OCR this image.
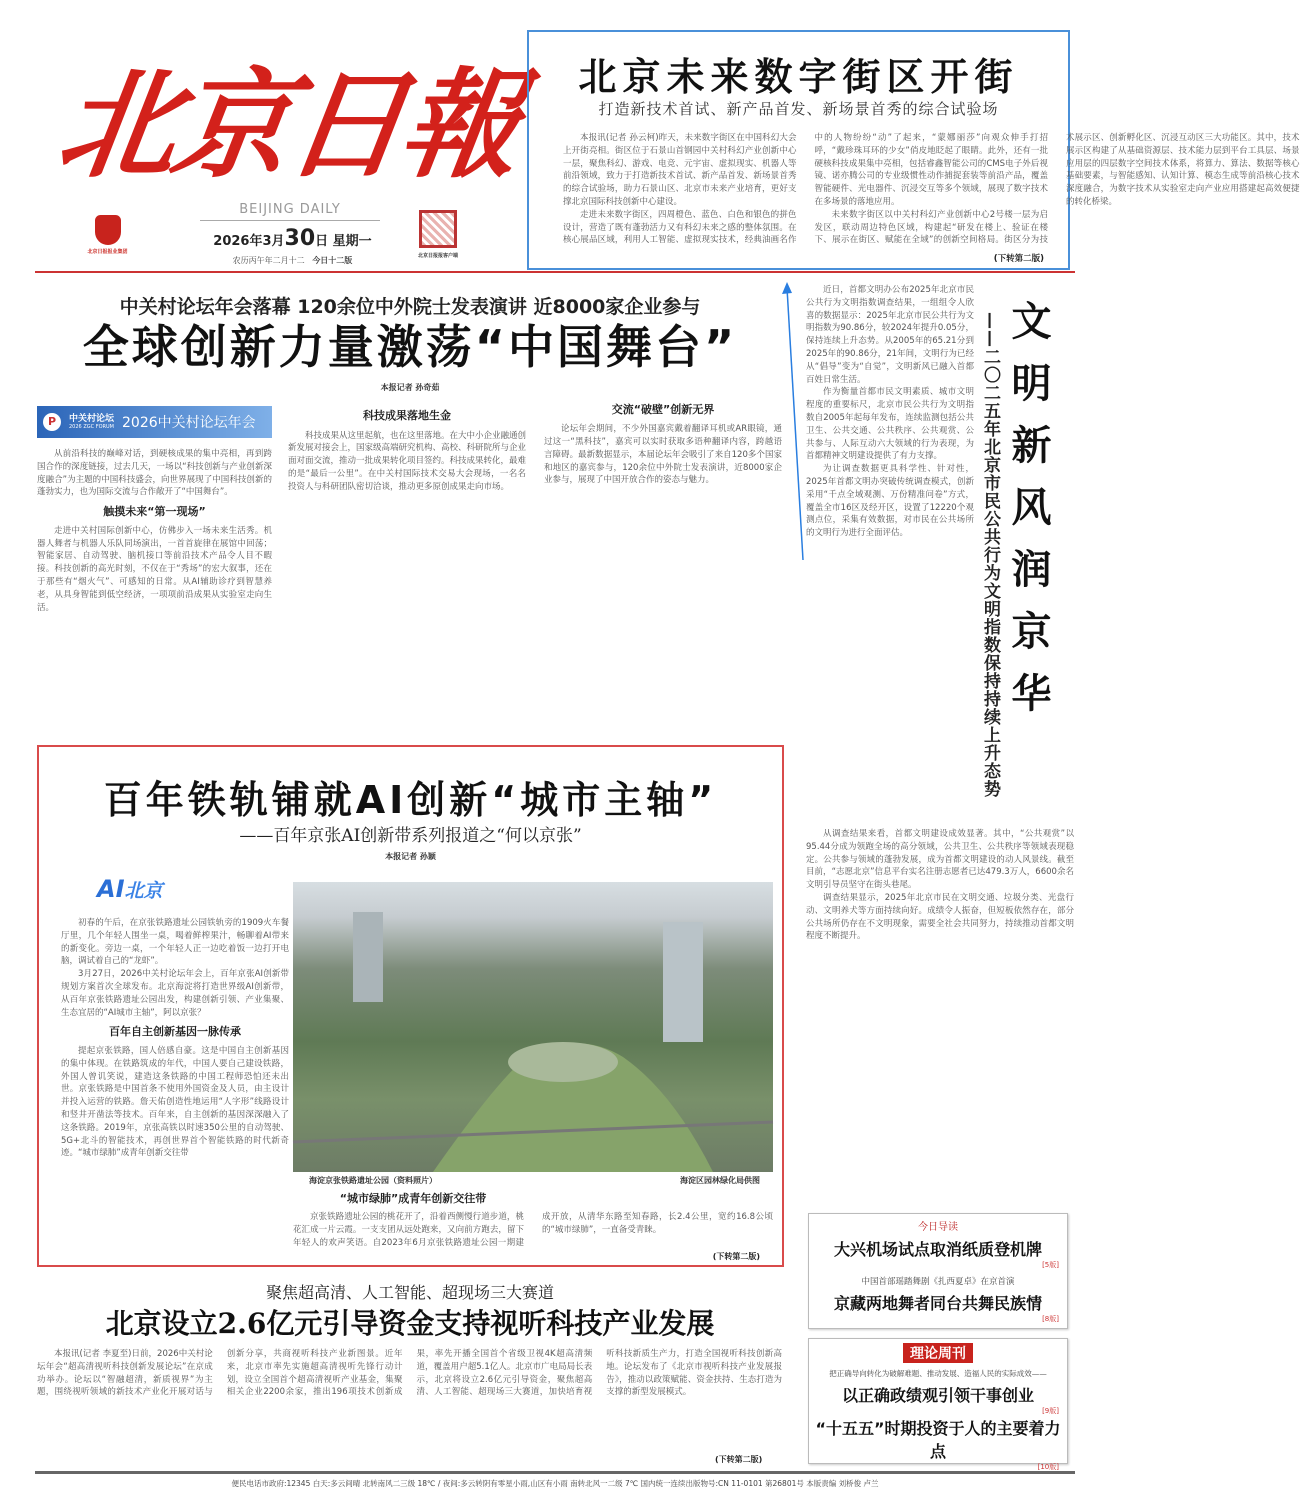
北京日報
BEIJING DAILY
2026年3月30日 星期一
农历丙午年二月十二 今日十二版
北京日报报业集团
北京日报报客户端
北京未来数字街区开街
打造新技术首试、新产品首发、新场景首秀的综合试验场

本报讯(记者 孙云柯)昨天，未来数字街区在中国科幻大会上开街亮相。街区位于石景山首钢园中关村科幻产业创新中心一层，聚焦科幻、游戏、电竞、元宇宙、虚拟现实、机器人等前沿领域，致力于打造新技术首试、新产品首发、新场景首秀的综合试验场，助力石景山区、北京市未来产业培育，更好支撑北京国际科技创新中心建设。

走进未来数字街区，四周橙色、蓝色、白色和银色的拼色设计，营造了既有蓬勃活力又有科幻未来之感的整体氛围。在核心展品区域，利用人工智能、虚拟现实技术，经典油画名作中的人物纷纷“动”了起来，“蒙娜丽莎”向观众伸手打招呼，“戴珍珠耳环的少女”俏皮地眨起了眼睛。此外，还有一批硬核科技成果集中亮相，包括睿鑫智能公司的CMS电子外后视镜、诺亦腾公司的专业级惯性动作捕捉套装等前沿产品，覆盖智能硬件、光电器件、沉浸交互等多个领域，展现了数字技术在多场景的落地应用。

未来数字街区以中关村科幻产业创新中心2号楼一层为启发区，联动周边特色区域，构建起“研发在楼上、验证在楼下、展示在街区、赋能在全域”的创新空间格局。街区分为技术展示区、创新孵化区、沉浸互动区三大功能区。其中，技术展示区构建了从基础资源层、技术能力层到平台工具层、场景应用层的四层数字空间技术体系，将算力、算法、数据等核心基础要素，与智能感知、认知计算、模态生成等前沿核心技术深度融合，为数字技术从实验室走向产业应用搭建起高效便捷的转化桥梁。

(下转第二版)
中关村论坛年会落幕 120余位中外院士发表演讲 近8000家企业参与
全球创新力量激荡“中国舞台”
本报记者 孙奇茹
P	中关村论坛
2026 ZGC FORUM 2026中关村论坛年会

从前沿科技的巅峰对话，到硬核成果的集中亮相，再到跨国合作的深度链接，过去几天，一场以“科技创新与产业创新深度融合”为主题的中国科技盛会，向世界展现了中国科技创新的蓬勃实力，也为国际交流与合作敞开了“中国舞台”。

触摸未来“第一现场”

走进中关村国际创新中心，仿佛步入一场未来生活秀。机器人舞者与机器人乐队同场演出，一首首旋律在展馆中回荡；智能家居、自动驾驶、脑机接口等前沿技术产品令人目不暇接。科技创新的高光时刻，不仅在于“秀场”的宏大叙事，还在于那些有“烟火气”、可感知的日常。从AI辅助诊疗到智慧养老，从具身智能到低空经济，一项项前沿成果从实验室走向生活。

科技成果落地生金

科技成果从这里起航，也在这里落地。在大中小企业融通创新发展对接会上，国家级高端研究机构、高校、科研院所与企业面对面交流，推动一批成果转化项目签约。科技成果转化，最难的是“最后一公里”。在中关村国际技术交易大会现场，一名名投资人与科研团队密切洽谈，推动更多原创成果走向市场。

交流“破壁”创新无界

论坛年会期间，不少外国嘉宾戴着翻译耳机或AR眼镜，通过这一“黑科技”，嘉宾可以实时获取多语种翻译内容，跨越语言障碍。最新数据显示，本届论坛年会吸引了来自120多个国家和地区的嘉宾参与，120余位中外院士发表演讲，近8000家企业参与，展现了中国开放合作的姿态与魅力。	文明新风润京华
——二〇二五年北京市民公共行为文明指数保持持续上升态势

近日，首都文明办公布2025年北京市民公共行为文明指数调查结果，一组组令人欣喜的数据显示：2025年北京市民公共行为文明指数为90.86分，较2024年提升0.05分，保持连续上升态势。从2005年的65.21分到2025年的90.86分，21年间，文明行为已经从“倡导”变为“自觉”，文明新风已融入首都百姓日常生活。

作为衡量首都市民文明素质、城市文明程度的重要标尺，北京市民公共行为文明指数自2005年起每年发布，连续监测包括公共卫生、公共交通、公共秩序、公共观赏、公共参与、人际互动六大领域的行为表现，为首都精神文明建设提供了有力支撑。

为让调查数据更具科学性、针对性，2025年首都文明办突破传统调查模式，创新采用“千点全域观测、万份精准问卷”方式，覆盖全市16区及经开区，设置了12220个观测点位，采集有效数据，对市民在公共场所的文明行为进行全面评估。

从调查结果来看，首都文明建设成效显著。其中，“公共观赏”以95.44分成为领跑全场的高分领域，公共卫生、公共秩序等领域表现稳定。公共参与领域的蓬勃发展，成为首都文明建设的动人风景线。截至目前，“志愿北京”信息平台实名注册志愿者已达479.3万人，6600余名文明引导员坚守在街头巷尾。

调查结果显示，2025年北京市民在文明交通、垃圾分类、光盘行动、文明养犬等方面持续向好。成绩令人振奋，但短板依然存在，部分公共场所仍存在不文明现象，需要全社会共同努力，持续推动首都文明程度不断提升。

百年铁轨铺就AI创新“城市主轴”
——百年京张AI创新带系列报道之“何以京张”
本报记者 孙颖
AI北京

初春的午后，在京张铁路遗址公园铁轨旁的1909火车餐厅里，几个年轻人围坐一桌，喝着鲜榨果汁，畅聊着AI带来的新变化。旁边一桌，一个年轻人正一边吃着饭一边打开电脑，调试着自己的“龙虾”。

3月27日，2026中关村论坛年会上，百年京张AI创新带规划方案首次全球发布。北京海淀将打造世界级AI创新带，从百年京张铁路遗址公园出发，构建创新引领、产业集聚、生态宜居的“AI城市主轴”，阿以京张？

百年自主创新基因一脉传承

提起京张铁路，国人倍感自豪。这是中国自主创新基因的集中体现。在铁路筑成的年代，中国人要自己建设铁路，外国人曾讥笑说，建造这条铁路的中国工程师恐怕还未出世。京张铁路是中国首条不使用外国资金及人员，由主设计并投入运营的铁路。詹天佑创造性地运用“人字形”线路设计和竖井开凿法等技术。百年来，自主创新的基因深深融入了这条铁路。2019年，京张高铁以时速350公里的自动驾驶、5G+北斗的智能技术，再创世界首个智能铁路的时代新奇迹。“城市绿肺”成青年创新交往带

海淀京张铁路遗址公园（资料照片）	海淀区园林绿化局供图
“城市绿肺”成青年创新交往带

京张铁路遗址公园的桃花开了，沿着西侧慢行道步道，桃花汇成一片云霞。一支支团从远处跑来，又向前方跑去，留下年轻人的欢声笑语。自2023年6月京张铁路遗址公园一期建成开放，从清华东路至知春路，长2.4公里，宽约16.8公顷的“城市绿肺”，一直备受青睐。

(下转第二版)
聚焦超高清、人工智能、超现场三大赛道
北京设立2.6亿元引导资金支持视听科技产业发展

本报讯(记者 李夏至)日前，2026中关村论坛年会“超高清视听科技创新发展论坛”在京成功举办。论坛以“智融超清，新质视界”为主题，围绕视听领域的新技术产业化开展对话与创新分享，共商视听科技产业新图景。近年来，北京市率先实施超高清视听先锋行动计划，设立全国首个超高清视听产业基金，集聚相关企业2200余家，推出196项技术创新成果，率先开播全国首个省级卫视4K超高清频道，覆盖用户超5.1亿人。北京市广电局局长表示，北京将设立2.6亿元引导资金，聚焦超高清、人工智能、超现场三大赛道，加快培育视听科技新质生产力，打造全国视听科技创新高地。论坛发布了《北京市视听科技产业发展报告》，推动以政策赋能、资金扶持、生态打造为支撑的新型发展模式。

(下转第二版)
今日导读
大兴机场试点取消纸质登机牌
[5版]
中国首部瑶踏舞剧《扎西夏卓》在京首演
京藏两地舞者同台共舞民族情
[8版]
理论周刊
把正确导向转化为破解难题、推动发展、造福人民的实际成效——
以正确政绩观引领干事创业
[9版]
“十五五”时期投资于人的主要着力点
[10版]
便民电话市政府:12345 白天:多云间晴 北转南风二三级 18℃ / 夜间:多云转阴有零星小雨,山区有小雨 南转北风一二级 7℃ 国内统一连续出版物号:CN 11-0101 第26801号 本版责编 刘桥俊 卢兰
